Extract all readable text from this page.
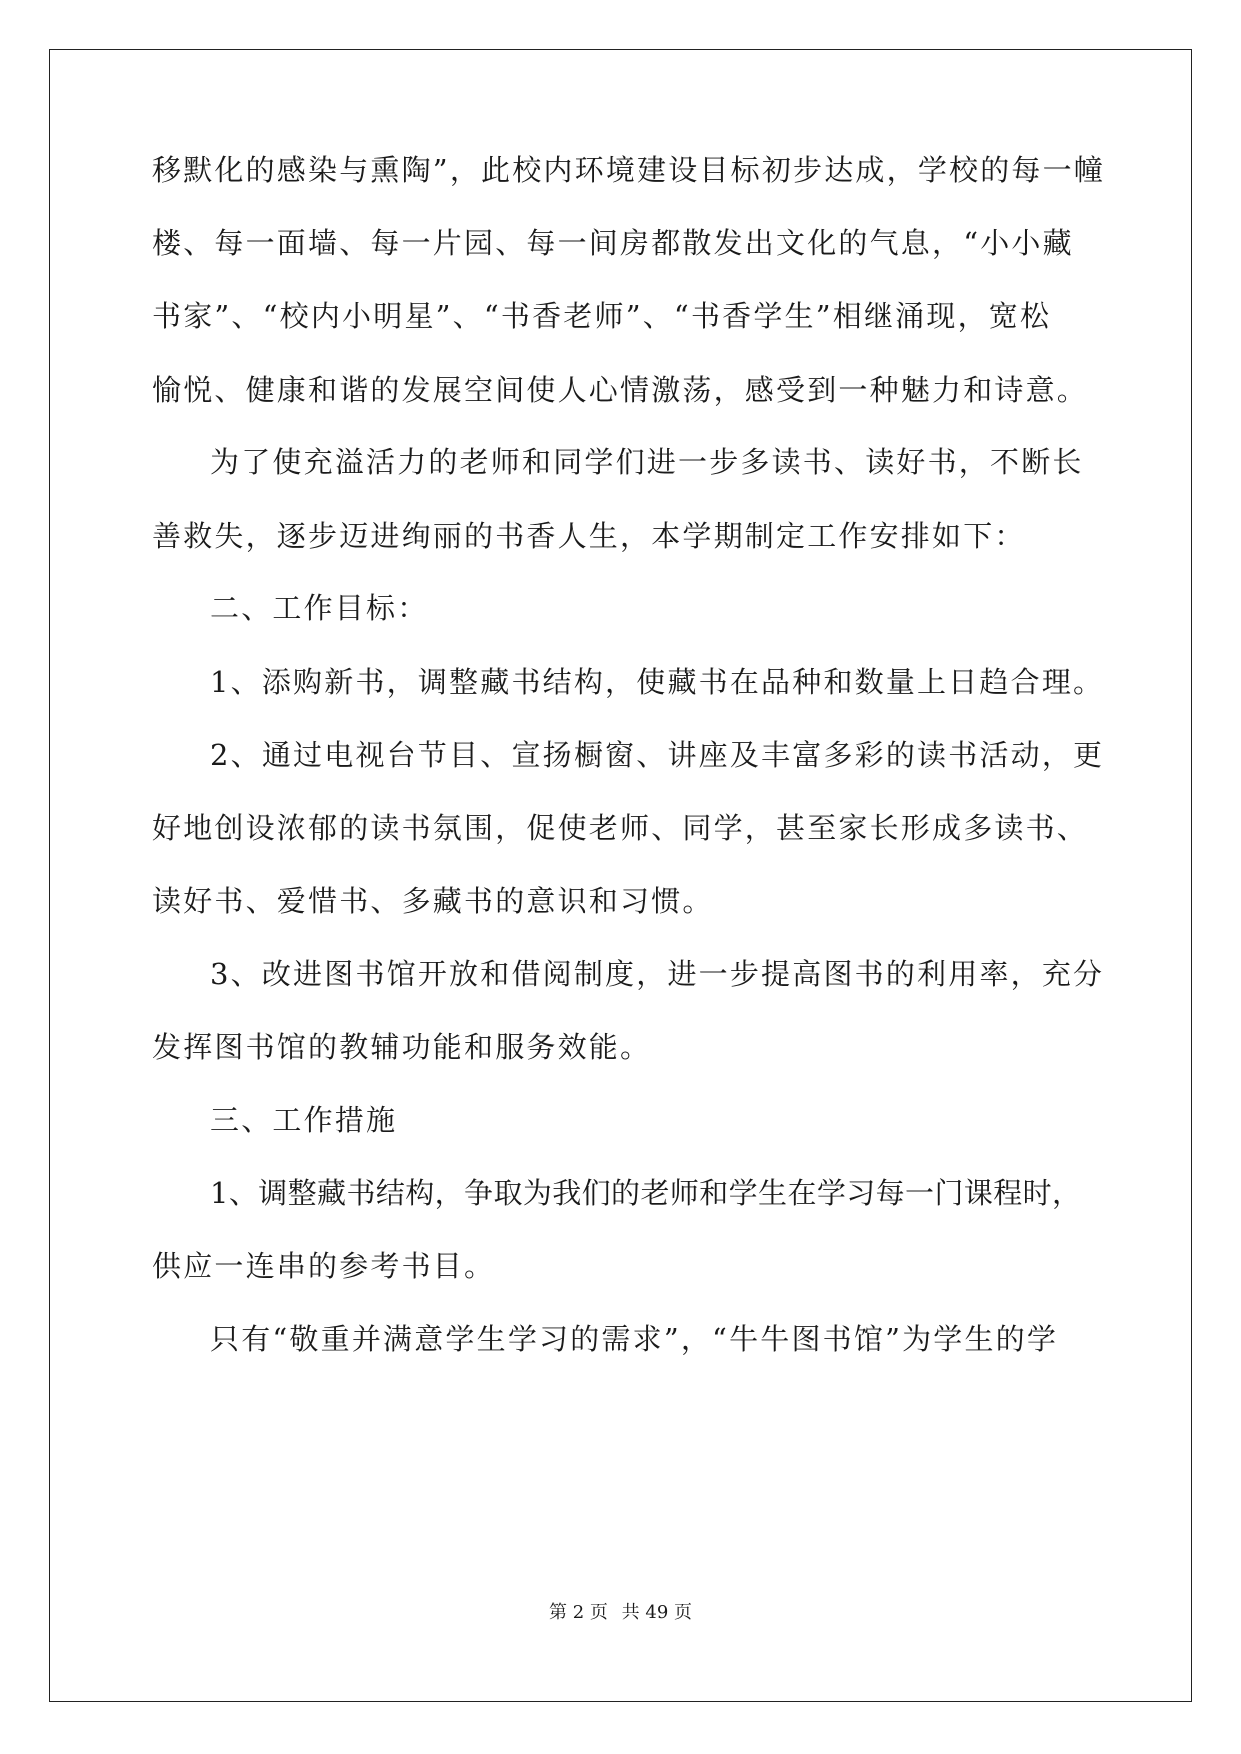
移默化的感染与熏陶”，此校内环境建设目标初步达成，学校的每一幢
楼、每一面墙、每一片园、每一间房都散发出文化的气息，“小小藏
书家”、“校内小明星”、“书香老师”、“书香学生”相继涌现，宽松
愉悦、健康和谐的发展空间使人心情激荡，感受到一种魅力和诗意。
为了使充溢活力的老师和同学们进一步多读书、读好书，不断长
善救失，逐步迈进绚丽的书香人生，本学期制定工作安排如下：
二、工作目标：
1、添购新书，调整藏书结构，使藏书在品种和数量上日趋合理。
2、通过电视台节目、宣扬橱窗、讲座及丰富多彩的读书活动，更
好地创设浓郁的读书氛围，促使老师、同学，甚至家长形成多读书、
读好书、爱惜书、多藏书的意识和习惯。
3、改进图书馆开放和借阅制度，进一步提高图书的利用率，充分
发挥图书馆的教辅功能和服务效能。
三、工作措施
1、调整藏书结构，争取为我们的老师和学生在学习每一门课程时，
供应一连串的参考书目。
只有“敬重并满意学生学习的需求”，“牛牛图书馆”为学生的学
第 2 页 共 49 页
